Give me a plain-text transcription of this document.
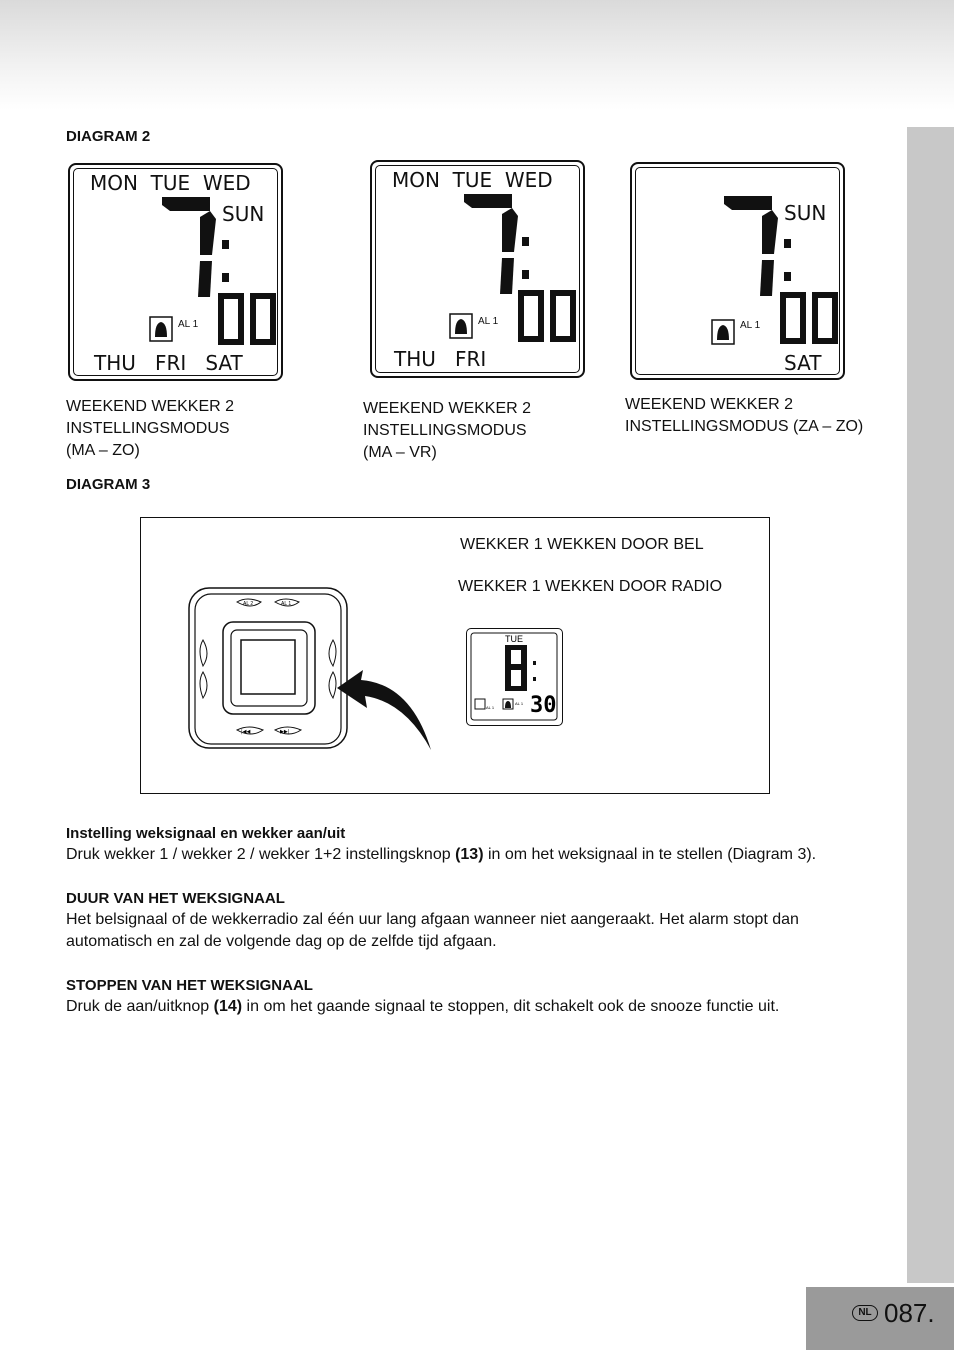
NL 087.
DIAGRAM 2
MON  TUE  WED
SUN
AL 1
THU   FRI   SAT
WEEKEND WEKKER 2
INSTELLINGSMODUS
(MA – ZO)
MON  TUE  WED
AL 1
THU   FRI
WEEKEND WEKKER 2
INSTELLINGSMODUS
(MA – VR)
SUN
AL 1
SAT
WEEKEND WEKKER 2
INSTELLINGSMODUS (ZA – ZO)
DIAGRAM 3
WEKKER 1 WEKKEN DOOR BEL
WEKKER 1 WEKKEN DOOR RADIO
AL 2	AL 1
|◀◀	▶▶|
TUE
30
AL 1
AL 1
Instelling weksignaal en wekker aan/uit
Druk wekker 1 / wekker 2 / wekker 1+2 instellingsknop (13) in om het weksignaal in te stellen (Diagram 3).
DUUR VAN HET WEKSIGNAAL
Het belsignaal of de wekkerradio zal één uur lang afgaan wanneer niet aangeraakt. Het alarm stopt dan automatisch en zal de volgende dag op de zelfde tijd afgaan.
STOPPEN VAN HET WEKSIGNAAL
Druk de aan/uitknop (14) in om het gaande signaal te stoppen, dit schakelt ook de snooze functie uit.
